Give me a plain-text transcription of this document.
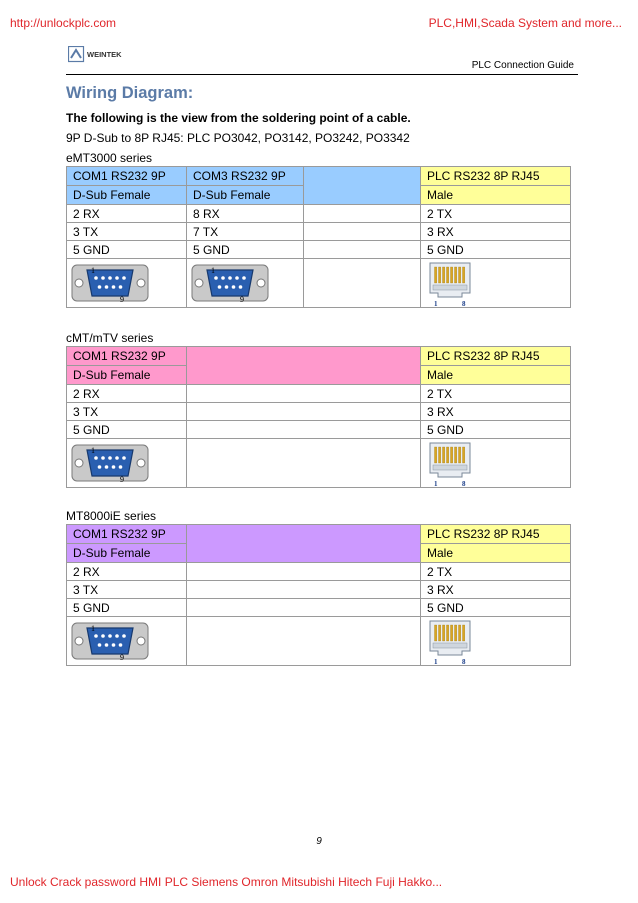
http://unlockplc.com	PLC,HMI,Scada System and more...
WEINTEK
PLC Connection Guide
Wiring Diagram:
The following is the view from the soldering point of a cable.
9P D-Sub to 8P RJ45: PLC PO3042, PO3142, PO3242, PO3342
eMT3000 series
COM1 RS232 9P	COM3 RS232 9P		PLC RS232 8P RJ45
D-Sub Female	D-Sub Female		Male
2 RX	8 RX		2 TX
3 TX	7 TX		3 RX
5 GND	5 GND		5 GND

1
9	1
9		1 8
cMT/mTV series
COM1 RS232 9P		PLC RS232 8P RJ45
D-Sub Female		Male
2 RX		2 TX
3 TX		3 RX
5 GND		5 GND

1
9		1 8
MT8000iE series
COM1 RS232 9P		PLC RS232 8P RJ45
D-Sub Female		Male
2 RX		2 TX
3 TX		3 RX
5 GND		5 GND

1
9		1 8
9
Unlock Crack password HMI PLC Siemens Omron Mitsubishi Hitech Fuji Hakko...
